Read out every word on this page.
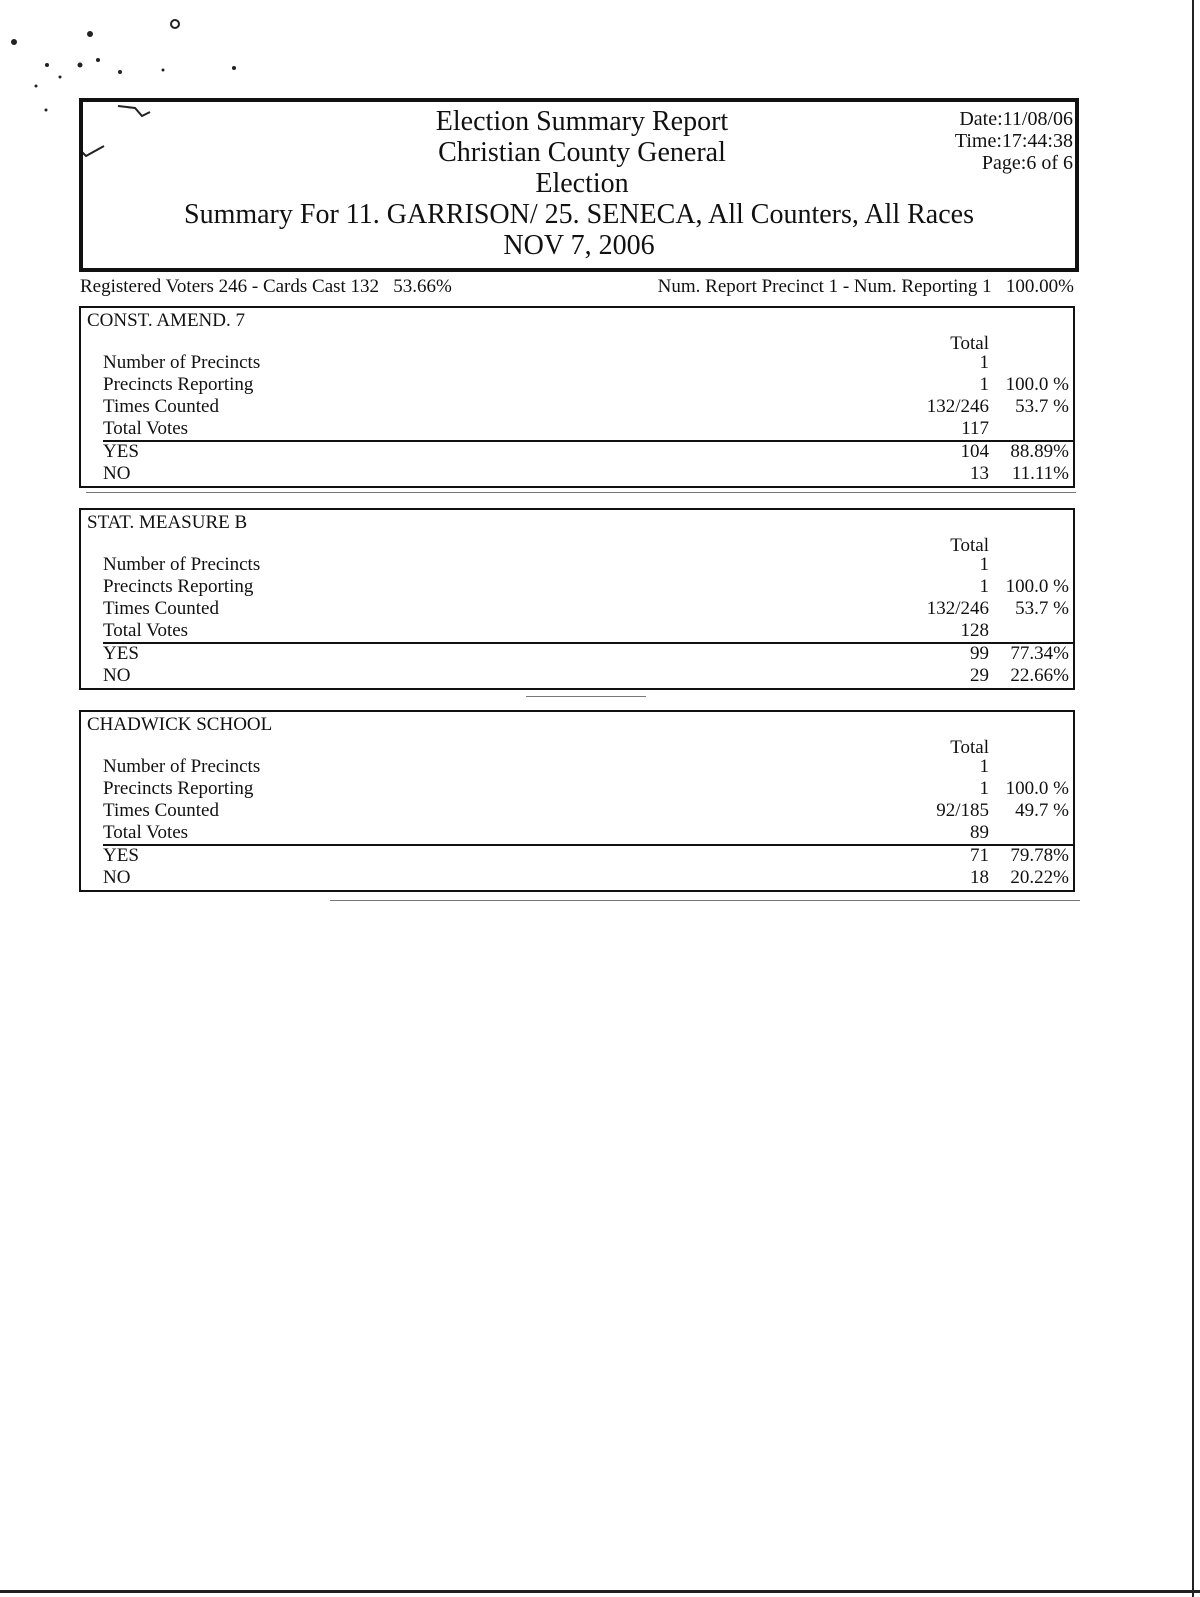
Election Summary Report
Christian County General
Election
Summary For 11. GARRISON/ 25. SENECA, All Counters, All Races
NOV 7, 2006
Date:11/08/06
Time:17:44:38
Page:6 of 6
Registered Voters 246 - Cards Cast 132   53.66%	Num. Report Precinct 1 - Num. Reporting 1   100.00%
CONST. AMEND. 7
Total
Number of Precincts	1
Precincts Reporting	1 100.0 %
Times Counted	132/246 53.7 %
Total Votes	117
YES	104 88.89%
NO	13 11.11%
STAT. MEASURE B
Total
Number of Precincts	1
Precincts Reporting	1 100.0 %
Times Counted	132/246 53.7 %
Total Votes	128
YES	99 77.34%
NO	29 22.66%
CHADWICK SCHOOL
Total
Number of Precincts	1
Precincts Reporting	1 100.0 %
Times Counted	92/185 49.7 %
Total Votes	89
YES	71 79.78%
NO	18 20.22%
